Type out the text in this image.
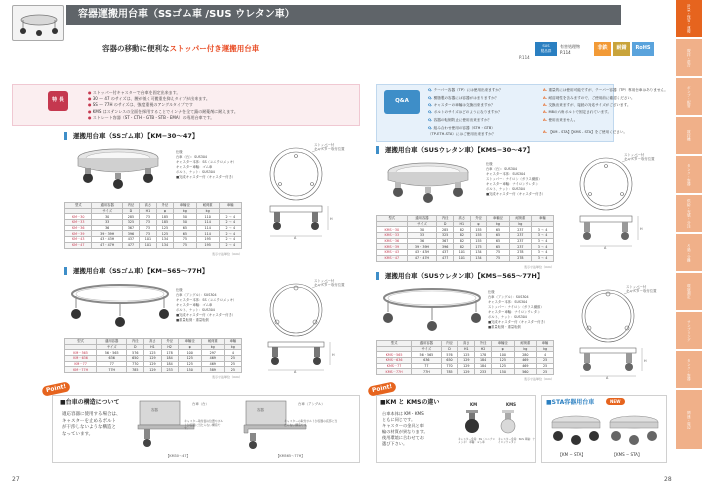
容器運搬用台車（SSゴム車 /SUS ウレタン車）
容器の移動に便利なストッパー付き運搬用台車
P.114
SUS
製品群
有害処理物
P.114
非鉄	耐錆	RoHS
特 長
● ストッパー付キャスターで台車を固定出来ます。
● 30 ～ 47 のサイズは、腰が低く可搬重を抑えタイプが出来ます。
● SS ～ 77H のサイズは、強度重視のアングルタイプです
● KMS はステンレスの全面を採用することでインナを全て錆の耐薬剤に耐えます。
● ストレート容器（ST・CTH・GTB・STB・EMA）の専用台車です。
Q&A
Q. テーパー容器（TP）には使用出来ますか？	A. 重量的には使用可能ですが、テーパー容器（TP）専用台車はありません。
Q. 樹脂製の容器には容器がはまりますか？	A. 耐溶剤性を含みますので、ご使用前に確認ください。
Q. キャスターの車輪は交換出来ますか？	A. 交換出来ますが、接続の対応サイズがございます。
Q. ボルトのサイズはどのようになりますか？	A. M8の六角ボルトで固定されています。
Q. 容器の転倒防止に使用出来ますか？	A. 使用出来ません。
Q. 組み合わせ使用の容器（STH・GTB）
（TP-ETH-STA）にはご使用出来ますか？	A. 【KM - STA】【KMS - STA】をご使用ください。
運搬用台車（SSゴム車）【KM−30〜47】
仕様
台車（台）：SUS304
キャスター本体：SS（ユニクロメッキ）
キャスター車輪：ゴム車
ボルト、ナット：SUS304
■完成キャスター付（キャスター付き）
ストッパー付
キャスター取付位置
A
H
型式	適用容器	内径	高さ	外径	車輪径	耐荷重	車輪
	サイズ	D	H1	φ	kg	kg	
KM－30	30	285	73	185	50	110	2 ～ 4
KM－33	33	325	73	185	50	114	2 ～ 4
KM－36	36	367	73	125	65	114	2 ～ 4
KM－39	39・39H	396	73	125	65	114	2 ～ 4
KM－43	43・43H	437	101	134	75	195	2 ～ 4
KM－47	47・47H	477	101	134	75	195	2 ～ 4
表示寸法単位（mm）
運搬用台車（SSゴム車）【KM−565〜77H】
仕様
台車（アングル）：SUS304
キャスター本体：SS（ユニクロメッキ）
キャスター車輪：ゴム車
ボルト、ナット：SUS304
■完成キャスター付（キャスター付き）
■重量転倒・重量転倒
ストッパー付
キャスター取付位置
A
H
型式	適用容器	内径	高さ	外径	車輪径	耐荷重	車輪
	サイズ	D	H1	H2	φ	kg	kg
KM－565	56・565	576	125	178	100	297	4
KM－636	636	650	129	184	125	469	25
KM－77	77	770	129	184	125	469	25
KM－77H	77H	785	129	233	150	589	25
表示寸法単位（mm）
運搬用台車（SUSウレタン車）【KMS−30〜47】
仕様
台車（台）：SUS304
キャスター本体：SUS304
ストッパー：ナイロン（ガラス繊維）
キャスター車輪：ナイロンウレタン
ボルト、ナット：SUS304
■完成キャスター付（キャスター付き）
ストッパー付
キャスター取付位置
A
H
型式	適用容器	内径	高さ	外径	車輪径	耐荷重	車輪
	サイズ	D	H1	φ	kg	kg	
KMS－30	30	285	82	155	65	237	3 ～ 4
KMS－33	33	325	82	155	65	237	3 ～ 4
KMS－36	36	367	82	155	65	237	3 ～ 4
KMS－39	39・39H	396	82	175	65	237	3 ～ 4
KMS－43	43・43H	437	101	134	75	278	3 ～ 4
KMS－47	47・47H	477	101	134	75	278	3 ～ 4
表示寸法単位（mm）
運搬用台車（SUSウレタン車）【KMS−565〜77H】
仕様
台車（アングル）：SUS304
キャスター本体：SUS304
ストッパー：ナイロン（ガラス繊維）
キャスター車輪：ナイロンウレタン
ボルト、ナット：SUS304
■完成キャスター付（キャスター付き）
■重量転倒・重量転倒
ストッパー付
キャスター取付位置
A
H
型式	適用容器	内径	高さ	外径	車輪径	耐荷重	車輪
	サイズ	D	H1	H2	φ	kg	kg
KMS－565	56・565	576	125	178	100	280	4
KMS－636	636	650	129	184	125	469	25
KMS－77	77	770	129	184	125	469	25
KMS－77H	77H	785	129	233	150	560	25
表示寸法単位（mm）
Point!
■台車の構造について
適応容器に使用する場合は、
キャスターを止めるボルト
が干渉しないような構造と
なっています。
容器
台車（台）
【KM30〜47】
容器
台車（アングル）
【KM565〜77H】
キャスター取付面の位置やボルトが容器に当たらない構造です。
キャスターの取付ボルトが容器の底部に当たらない構造です。
Point!
■KM と KMSの違い
台車本体は KM・KMS
ともに同じです。
キャスターの金具と車
輪の材質が異なります。
使用環境に合わせてお
選び下さい。
KM	KMS
キャスター金具：SS（ユニクロメッキ） 車輪：ゴム車
キャスター金具：SUS 車輪：ナイロンウレタン
■STA容器用台車	NEW
【KM − STA】	【KMS − STA】
計量・保管・運搬
攪拌・混合
ポンプ・配管
撹拌機
タンク・容器
供給・充填・分注
ろ過・分離
環境測定
サンプリング
タンク・容器
関連・周辺
27	28
